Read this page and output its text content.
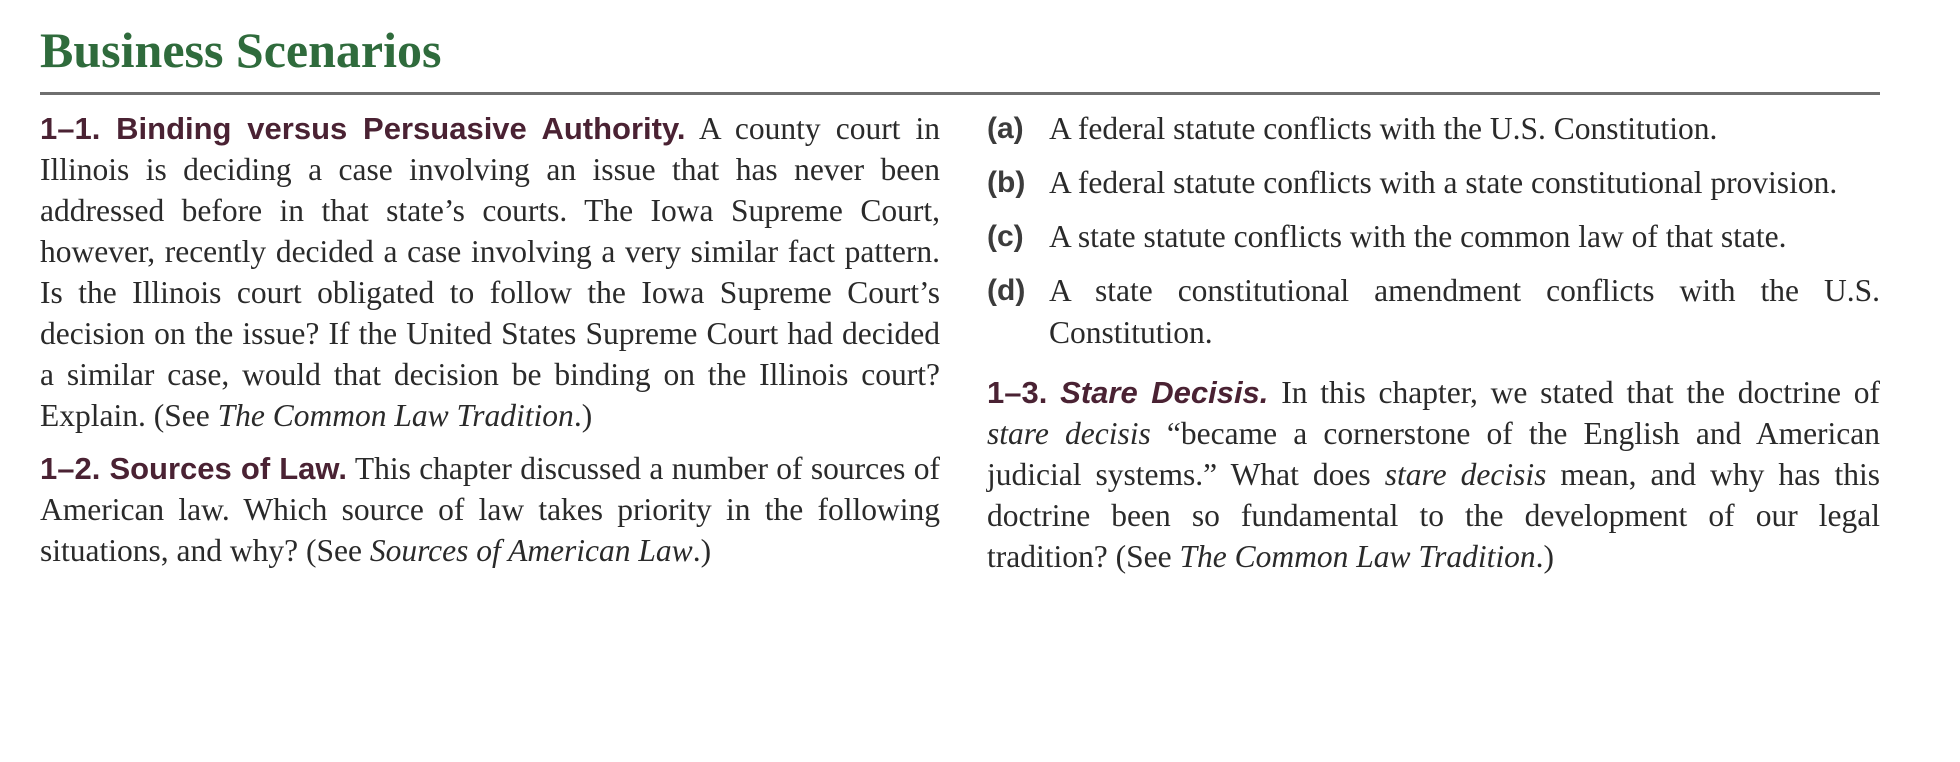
Business Scenarios

1–1. Binding versus Persuasive Authority. A county court in Illinois is deciding a case involving an issue that has never been addressed before in that state’s courts. The Iowa Supreme Court, however, recently decided a case involving a very similar fact pattern. Is the Illinois court obligated to follow the Iowa Supreme Court’s decision on the issue? If the United States Supreme Court had decided a similar case, would that decision be binding on the Illinois court? Explain. (See The Common Law Tradition.)

1–2. Sources of Law. This chapter discussed a number of sources of American law. Which source of law takes priority in the following situations, and why? (See Sources of American Law.)

(a) A federal statute conflicts with the U.S. Constitution.
(b) A federal statute conflicts with a state constitutional provision.
(c) A state statute conflicts with the common law of that state.
(d) A state constitutional amendment conflicts with the U.S. Constitution.

1–3. Stare Decisis. In this chapter, we stated that the doctrine of stare decisis “became a cornerstone of the English and American judicial systems.” What does stare decisis mean, and why has this doctrine been so fundamental to the development of our legal tradition? (See The Common Law Tradition.)
